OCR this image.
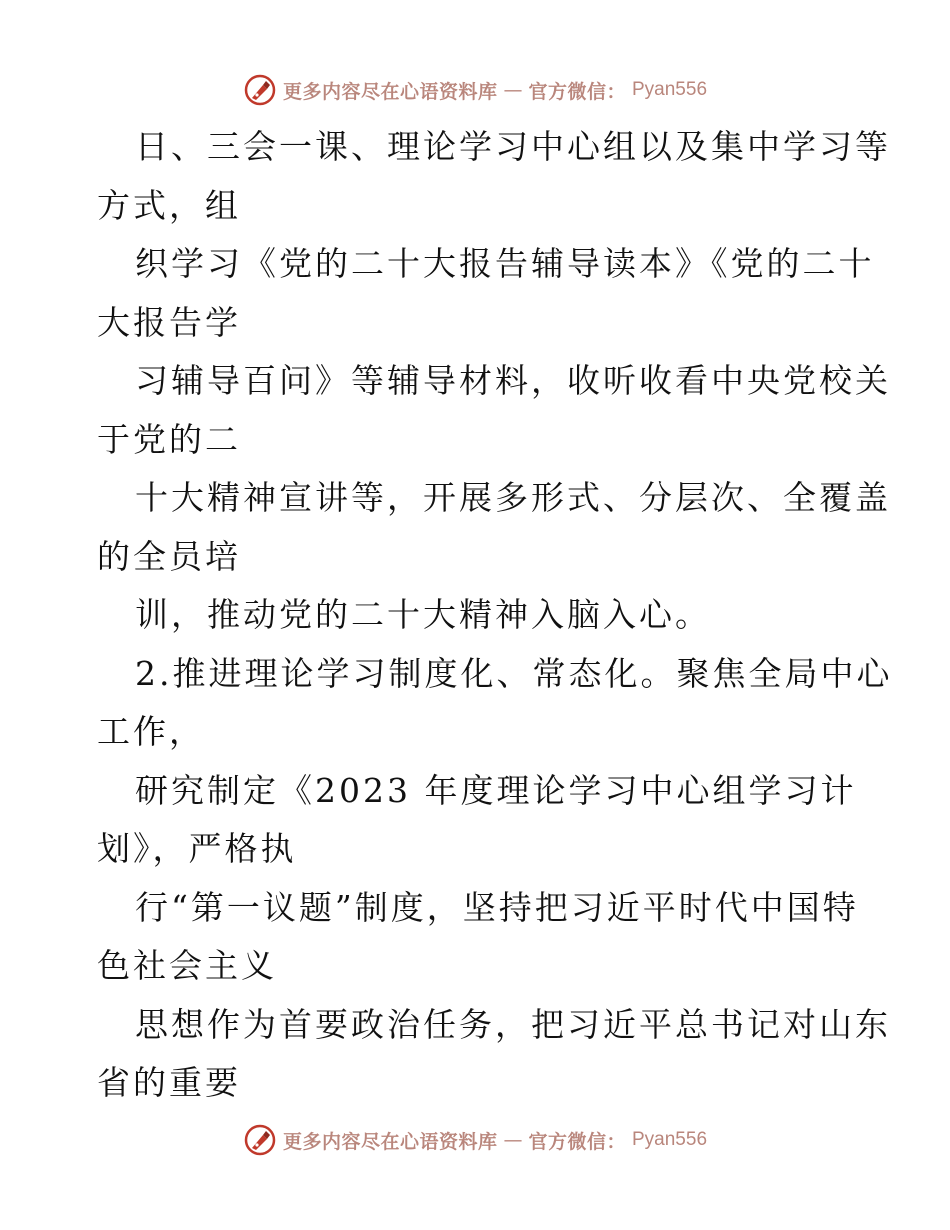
更多内容尽在心语资料库 — 官方微信： Pyan556
日、三会一课、理论学习中心组以及集中学习等
方式，组
织学习《党的二十大报告辅导读本》《党的二十
大报告学
习辅导百问》等辅导材料，收听收看中央党校关
于党的二
十大精神宣讲等，开展多形式、分层次、全覆盖
的全员培
训，推动党的二十大精神入脑入心。
2.推进理论学习制度化、常态化。聚焦全局中心
工作，
研究制定《2023 年度理论学习中心组学习计
划》，严格执
行“第一议题”制度，坚持把习近平时代中国特
色社会主义
思想作为首要政治任务，把习近平总书记对山东
省的重要
更多内容尽在心语资料库 — 官方微信： Pyan556
